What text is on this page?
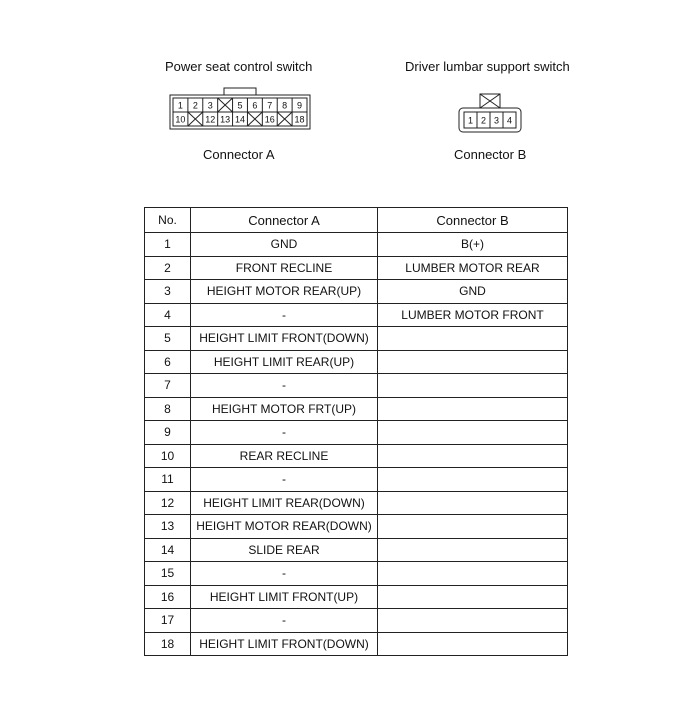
Power seat control switch
1 2 3	5 6 7 8 9
10 12 13 14 16 18
Connector A
Driver lumbar support switch
1 2 3 4
Connector B
No.	Connector A	Connector B
1	GND	B(+)
2	FRONT RECLINE	LUMBER MOTOR REAR
3	HEIGHT MOTOR REAR(UP)	GND
4	-	LUMBER MOTOR FRONT
5	HEIGHT LIMIT FRONT(DOWN)	
6	HEIGHT LIMIT REAR(UP)	
7	-	
8	HEIGHT MOTOR FRT(UP)	
9	-	
10	REAR RECLINE	
11	-	
12	HEIGHT LIMIT REAR(DOWN)	
13	HEIGHT MOTOR REAR(DOWN)	
14	SLIDE REAR	
15	-	
16	HEIGHT LIMIT FRONT(UP)	
17	-	
18	HEIGHT LIMIT FRONT(DOWN)	
